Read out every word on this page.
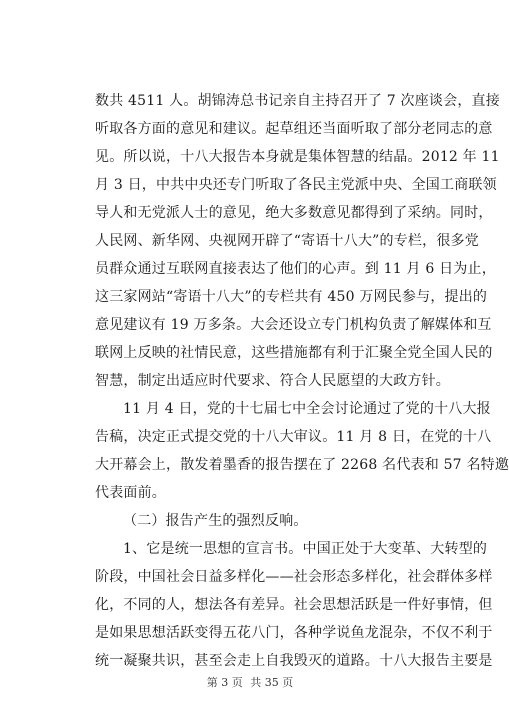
数共 4511 人。胡锦涛总书记亲自主持召开了 7 次座谈会，直接
听取各方面的意见和建议。起草组还当面听取了部分老同志的意
见。所以说，十八大报告本身就是集体智慧的结晶。2012 年 11
月 3 日，中共中央还专门听取了各民主党派中央、全国工商联领
导人和无党派人士的意见，绝大多数意见都得到了采纳。同时，
人民网、新华网、央视网开辟了“寄语十八大”的专栏，很多党
员群众通过互联网直接表达了他们的心声。到 11 月 6 日为止，
这三家网站“寄语十八大”的专栏共有 450 万网民参与，提出的
意见建议有 19 万多条。大会还设立专门机构负责了解媒体和互
联网上反映的社情民意，这些措施都有利于汇聚全党全国人民的
智慧，制定出适应时代要求、符合人民愿望的大政方针。
11 月 4 日，党的十七届七中全会讨论通过了党的十八大报
告稿，决定正式提交党的十八大审议。11 月 8 日，在党的十八
大开幕会上，散发着墨香的报告摆在了 2268 名代表和 57 名特邀
代表面前。
（二）报告产生的强烈反响。
1、它是统一思想的宣言书。中国正处于大变革、大转型的
阶段，中国社会日益多样化——社会形态多样化，社会群体多样
化，不同的人，想法各有差异。社会思想活跃是一件好事情，但
是如果思想活跃变得五花八门，各种学说鱼龙混杂，不仅不利于
统一凝聚共识，甚至会走上自我毁灭的道路。十八大报告主要是
第 3 页 共 35 页
